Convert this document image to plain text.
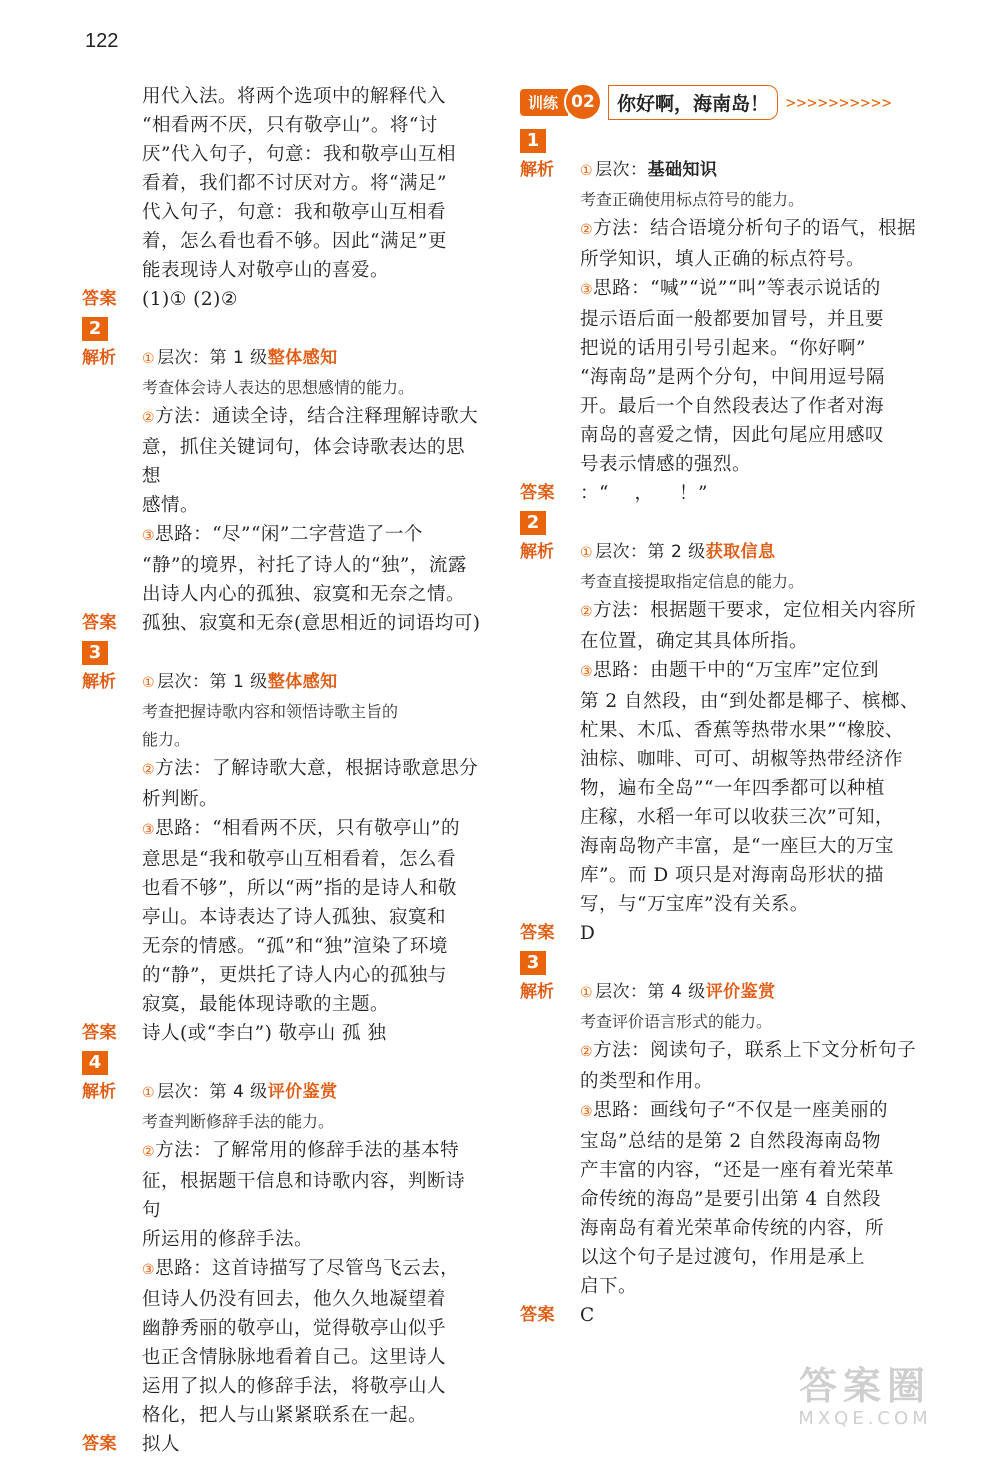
122
用代入法。将两个选项中的解释代入
“相看两不厌，只有敬亭山”。将“讨
厌”代入句子，句意：我和敬亭山互相
看着，我们都不讨厌对方。将“满足”
代入句子，句意：我和敬亭山互相看
着，怎么看也看不够。因此“满足”更
能表现诗人对敬亭山的喜爱。
答案	(1)① (2)②
2
解析	① 层次：第 1 级整体感知
考查体会诗人表达的思想感情的能力。
②方法：通读全诗，结合注释理解诗歌大
意，抓住关键词句，体会诗歌表达的思想
感情。
③思路：“尽”“闲”二字营造了一个
“静”的境界，衬托了诗人的“独”，流露
出诗人内心的孤独、寂寞和无奈之情。
答案	孤独、寂寞和无奈(意思相近的词语均可)
3
解析	① 层次：第 1 级整体感知
考查把握诗歌内容和领悟诗歌主旨的
能力。
②方法：了解诗歌大意，根据诗歌意思分
析判断。
③思路：“相看两不厌，只有敬亭山”的
意思是“我和敬亭山互相看着，怎么看
也看不够”，所以“两”指的是诗人和敬
亭山。本诗表达了诗人孤独、寂寞和
无奈的情感。“孤”和“独”渲染了环境
的“静”，更烘托了诗人内心的孤独与
寂寞，最能体现诗歌的主题。
答案	诗人(或“李白”) 敬亭山 孤 独
4
解析	① 层次：第 4 级评价鉴赏
考查判断修辞手法的能力。
②方法：了解常用的修辞手法的基本特
征，根据题干信息和诗歌内容，判断诗句
所运用的修辞手法。
③思路：这首诗描写了尽管鸟飞云去，
但诗人仍没有回去，他久久地凝望着
幽静秀丽的敬亭山，觉得敬亭山似乎
也正含情脉脉地看着自己。这里诗人
运用了拟人的修辞手法，将敬亭山人
格化，把人与山紧紧联系在一起。
答案	拟人
训练 02	你好啊，海南岛！	>>>>>>>>>>
1
解析	① 层次：基础知识
考查正确使用标点符号的能力。
②方法：结合语境分析句子的语气，根据
所学知识，填人正确的标点符号。
③思路：“喊”“说”“叫”等表示说话的
提示语后面一般都要加冒号，并且要
把说的话用引号引起来。“你好啊”
“海南岛”是两个分句，中间用逗号隔
开。最后一个自然段表达了作者对海
南岛的喜爱之情，因此句尾应用感叹
号表示情感的强烈。
答案	：“    ，    ！”
2
解析	① 层次：第 2 级获取信息
考查直接提取指定信息的能力。
②方法：根据题干要求，定位相关内容所
在位置，确定其具体所指。
③思路：由题干中的“万宝库”定位到
第 2 自然段，由“到处都是椰子、槟榔、
杧果、木瓜、香蕉等热带水果”“橡胶、
油棕、咖啡、可可、胡椒等热带经济作
物，遍布全岛”“一年四季都可以种植
庄稼，水稻一年可以收获三次”可知，
海南岛物产丰富，是“一座巨大的万宝
库”。而 D 项只是对海南岛形状的描
写，与“万宝库”没有关系。
答案	D
3
解析	① 层次：第 4 级评价鉴赏
考查评价语言形式的能力。
②方法：阅读句子，联系上下文分析句子
的类型和作用。
③思路：画线句子“不仅是一座美丽的
宝岛”总结的是第 2 自然段海南岛物
产丰富的内容，“还是一座有着光荣革
命传统的海岛”是要引出第 4 自然段
海南岛有着光荣革命传统的内容，所
以这个句子是过渡句，作用是承上
启下。
答案	C
答案圈
MXQE.COM
